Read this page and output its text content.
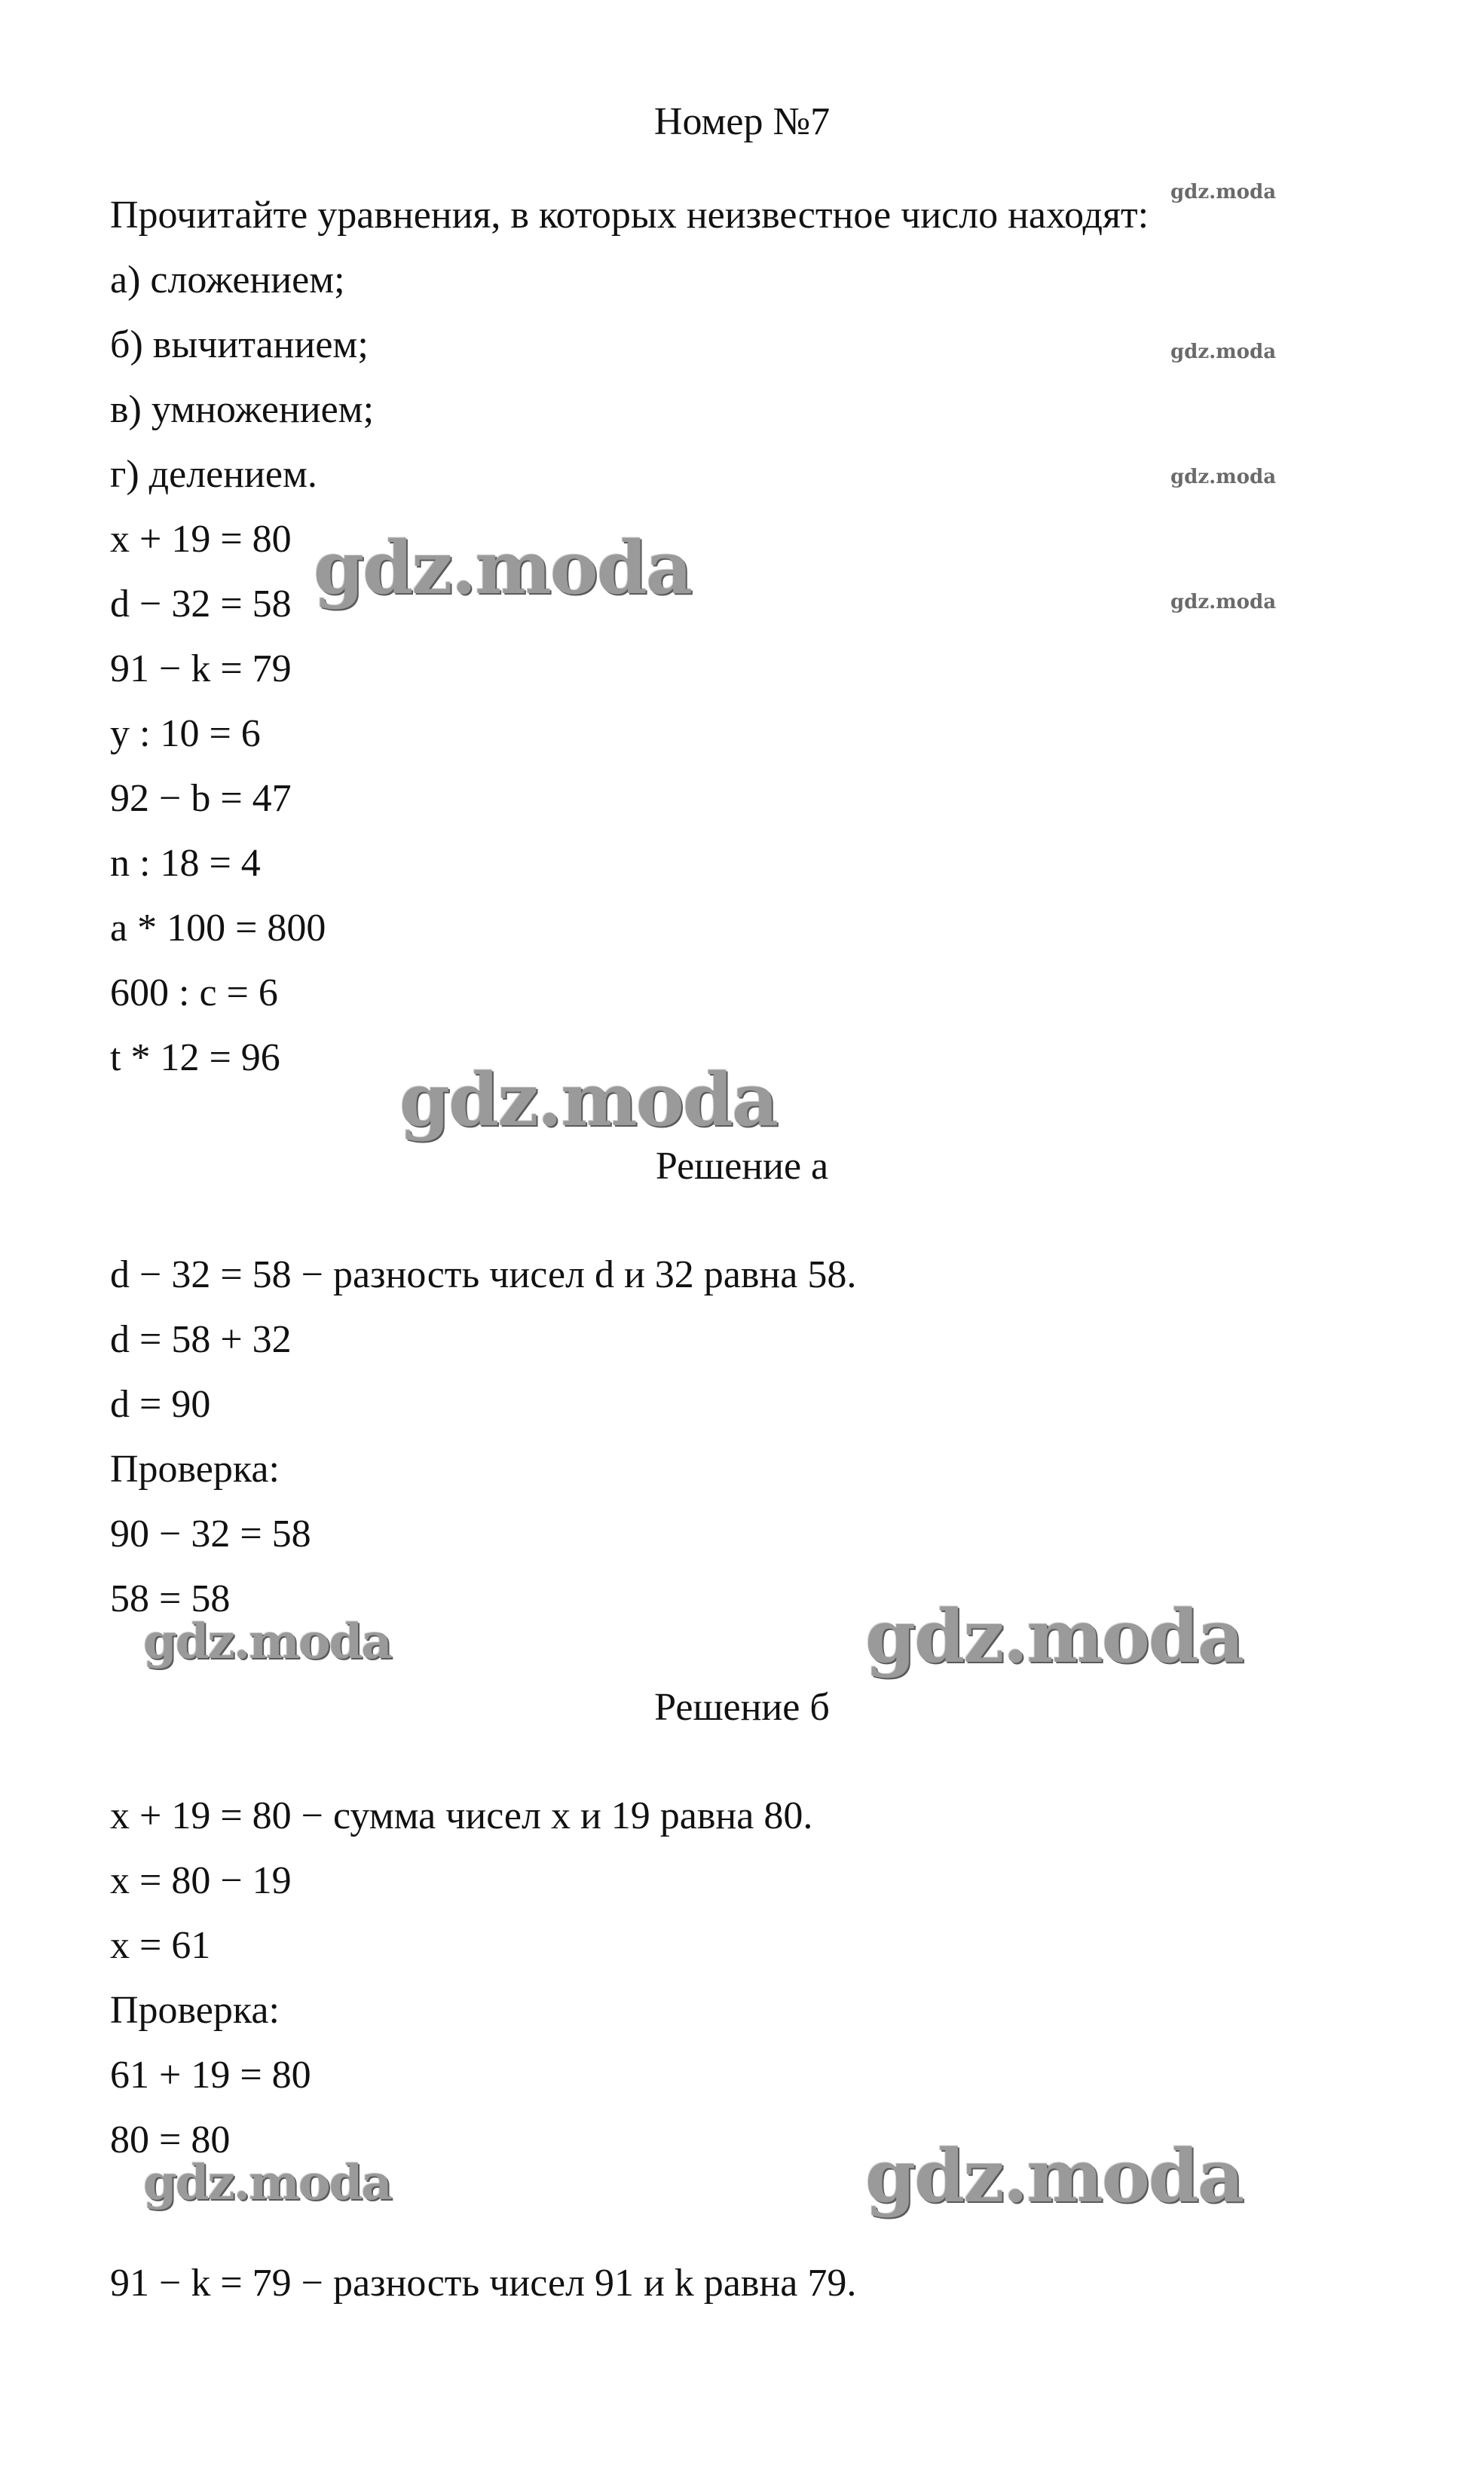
Номер №7
Прочитайте уравнения, в которых неизвестное число находят:
а) сложением;
б) вычитанием;
в) умножением;
г) делением.
x + 19 = 80
d − 32 = 58
91 − k = 79
y : 10 = 6
92 − b = 47
n : 18 = 4
a * 100 = 800
600 : c = 6
t * 12 = 96
Решение а
d − 32 = 58 − разность чисел d и 32 равна 58.
d = 58 + 32
d = 90
Проверка:
90 − 32 = 58
58 = 58
Решение б
x + 19 = 80 − сумма чисел x и 19 равна 80.
x = 80 − 19
x = 61
Проверка:
61 + 19 = 80
80 = 80
91 − k = 79 − разность чисел 91 и k равна 79.
gdz.moda
gdz.moda
gdz.moda
gdz.moda
gdz.moda
gdz.moda
gdz.moda	gdz.moda
gdz.moda	gdz.moda
